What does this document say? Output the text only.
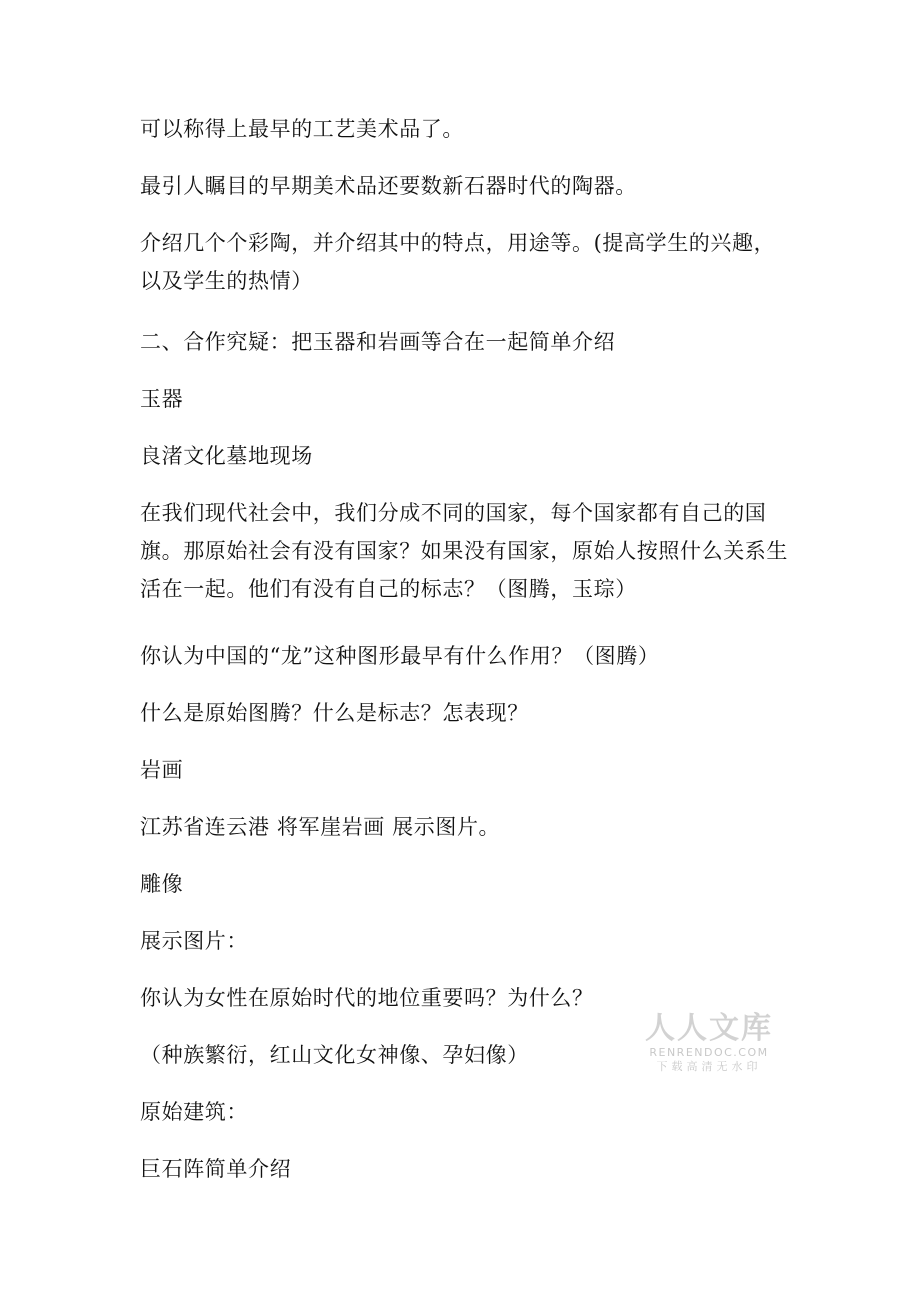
可以称得上最早的工艺美术品了。

最引人瞩目的早期美术品还要数新石器时代的陶器。

介绍几个个彩陶，并介绍其中的特点，用途等。(提高学生的兴趣，以及学生的热情）

二、合作究疑：把玉器和岩画等合在一起简单介绍

玉器

良渚文化墓地现场

在我们现代社会中，我们分成不同的国家，每个国家都有自己的国旗。那原始社会有没有国家？如果没有国家，原始人按照什么关系生活在一起。他们有没有自己的标志？（图腾，玉琮）

你认为中国的“龙”这种图形最早有什么作用？（图腾）

什么是原始图腾？什么是标志？怎表现？

岩画

江苏省连云港 将军崖岩画 展示图片。

雕像

展示图片：

你认为女性在原始时代的地位重要吗？为什么？

（种族繁衍，红山文化女神像、孕妇像）

原始建筑：

巨石阵简单介绍

人人文库
RENRENDOC.COM
下载高清无水印
